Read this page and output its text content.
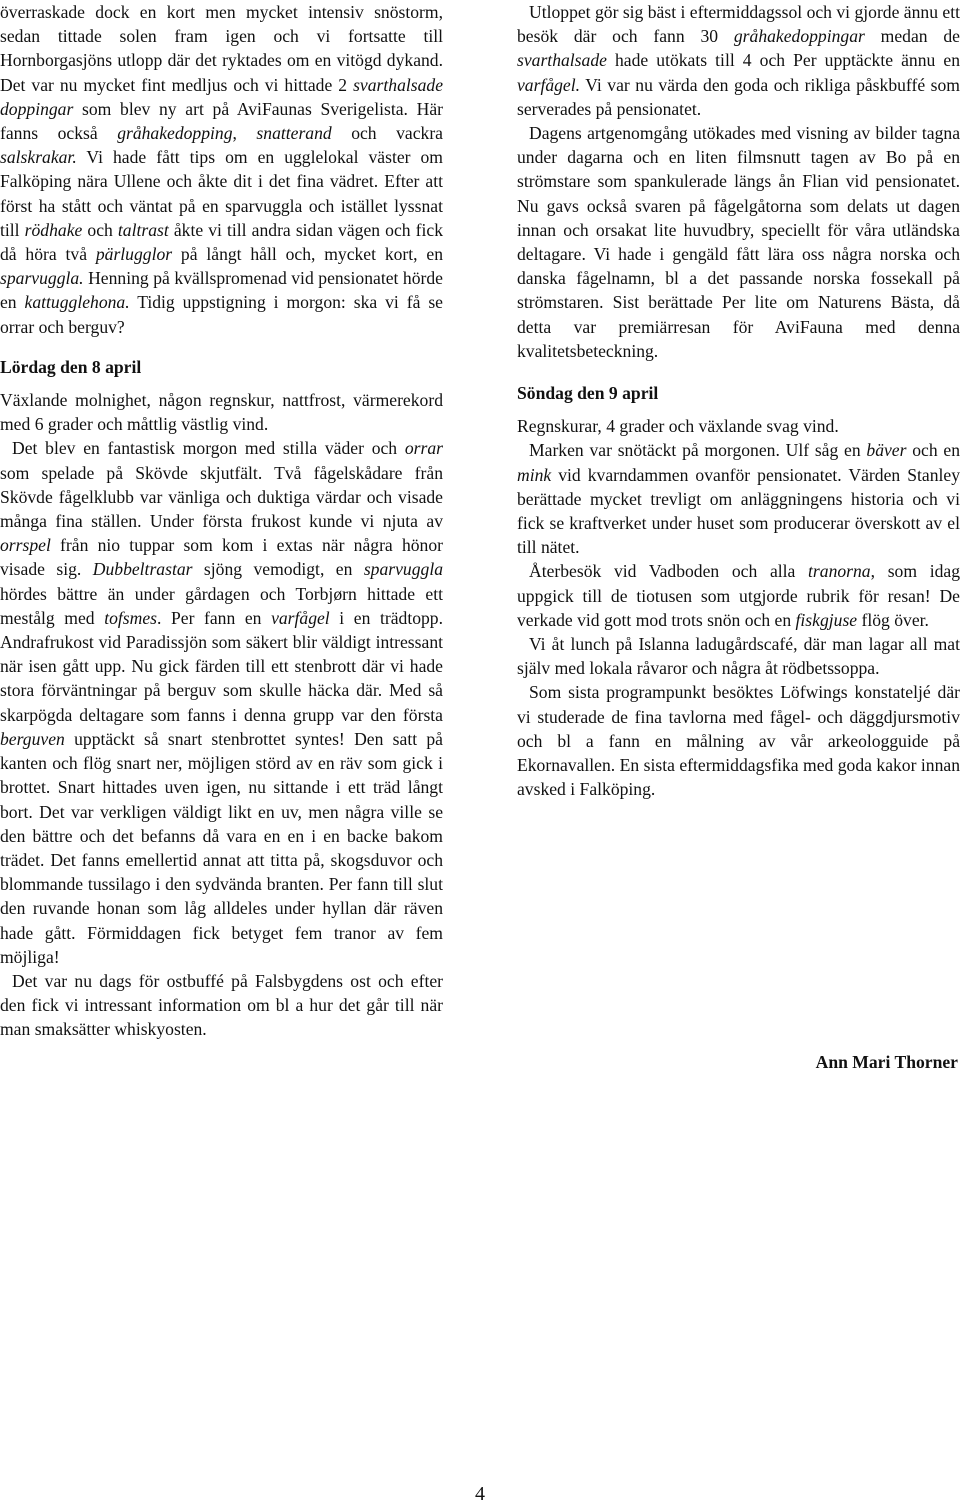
överraskade dock en kort men mycket intensiv snöstorm, sedan tittade solen fram igen och vi fortsatte till Hornborgasjöns utlopp där det ryktades om en vitögd dykand. Det var nu mycket fint medljus och vi hittade 2 svarthalsade doppingar som blev ny art på AviFaunas Sverigelista. Här fanns också gråhakedopping, snatterand och vackra salskrakar. Vi hade fått tips om en ugglelokal väster om Falköping nära Ullene och åkte dit i det fina vädret. Efter att först ha stått och väntat på en sparvuggla och istället lyssnat till rödhake och taltrast åkte vi till andra sidan vägen och fick då höra två pärlugglor på långt håll och, mycket kort, en sparvuggla. Henning på kvällspromenad vid pensionatet hörde en kattugglehona. Tidig uppstigning i morgon: ska vi få se orrar och berguv?

Lördag den 8 april

Växlande molnighet, någon regnskur, nattfrost, värmerekord med 6 grader och måttlig västlig vind.

Det blev en fantastisk morgon med stilla väder och orrar som spelade på Skövde skjutfält. Två fågelskådare från Skövde fågelklubb var vänliga och duktiga värdar och visade många fina ställen. Under första frukost kunde vi njuta av orrspel från nio tuppar som kom i extas när några hönor visade sig. Dubbeltrastar sjöng vemodigt, en sparvuggla hördes bättre än under gårdagen och Torbjørn hittade ett mestålg med tofsmes. Per fann en varfågel i en trädtopp. Andrafrukost vid Paradissjön som säkert blir väldigt intressant när isen gått upp. Nu gick färden till ett stenbrott där vi hade stora förväntningar på berguv som skulle häcka där. Med så skarpögda deltagare som fanns i denna grupp var den första berguven upptäckt så snart stenbrottet syntes! Den satt på kanten och flög snart ner, möjligen störd av en räv som gick i brottet. Snart hittades uven igen, nu sittande i ett träd långt bort. Det var verkligen väldigt likt en uv, men några ville se den bättre och det befanns då vara en en i en backe bakom trädet. Det fanns emellertid annat att titta på, skogsduvor och blommande tussilago i den sydvända branten. Per fann till slut den ruvande honan som låg alldeles under hyllan där räven hade gått. Förmiddagen fick betyget fem tranor av fem möjliga!

Det var nu dags för ostbuffé på Falsbygdens ost och efter den fick vi intressant information om bl a hur det går till när man smaksätter whiskyosten.

Utloppet gör sig bäst i eftermiddagssol och vi gjorde ännu ett besök där och fann 30 gråhakedoppingar medan de svarthalsade hade utökats till 4 och Per upptäckte ännu en varfågel. Vi var nu värda den goda och rikliga påskbuffé som serverades på pensionatet.

Dagens artgenomgång utökades med visning av bilder tagna under dagarna och en liten filmsnutt tagen av Bo på en strömstare som spankulerade längs ån Flian vid pensionatet. Nu gavs också svaren på fågelgåtorna som delats ut dagen innan och orsakat lite huvudbry, speciellt för våra utländska deltagare. Vi hade i gengäld fått lära oss några norska och danska fågelnamn, bl a det passande norska fossekall på strömstaren. Sist berättade Per lite om Naturens Bästa, då detta var premiärresan för AviFauna med denna kvalitetsbeteckning.

Söndag den 9 april

Regnskurar, 4 grader och växlande svag vind.

Marken var snötäckt på morgonen. Ulf såg en bäver och en mink vid kvarndammen ovanför pensionatet. Värden Stanley berättade mycket trevligt om anläggningens historia och vi fick se kraftverket under huset som producerar överskott av el till nätet.

Återbesök vid Vadboden och alla tranorna, som idag uppgick till de tiotusen som utgjorde rubrik för resan! De verkade vid gott mod trots snön och en fiskgjuse flög över.

Vi åt lunch på Islanna ladugårdscafé, där man lagar all mat själv med lokala råvaror och några åt rödbetssoppa.

Som sista programpunkt besöktes Löfwings konstateljé där vi studerade de fina tavlorna med fågel- och däggdjursmotiv och bl a fann en målning av vår arkeologguide på Ekornavallen. En sista eftermiddagsfika med goda kakor innan avsked i Falköping.

Ann Mari Thorner
4
